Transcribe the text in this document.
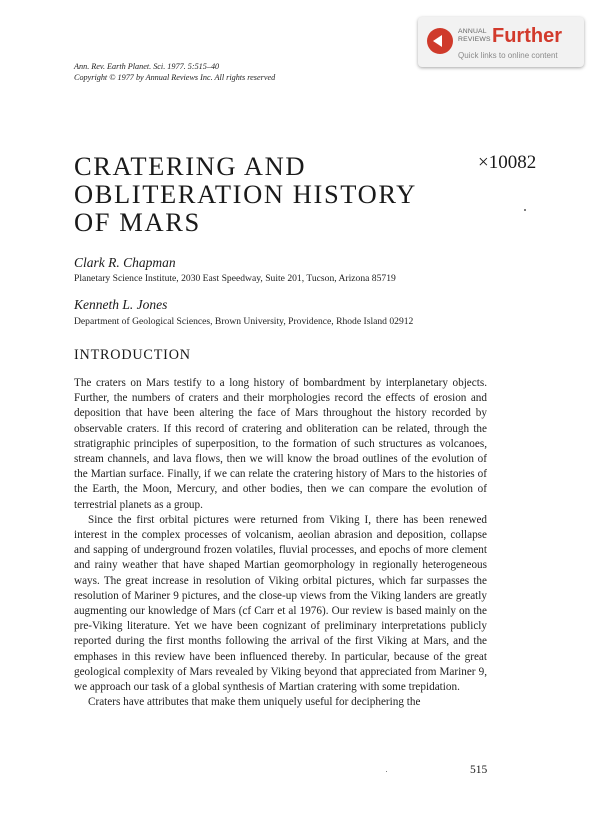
Ann. Rev. Earth Planet. Sci. 1977. 5:515–40
Copyright © 1977 by Annual Reviews Inc. All rights reserved
ANNUAL
REVIEWS Further
Quick links to online content
×10082
CRATERING AND
OBLITERATION HISTORY
OF MARS
Clark R. Chapman
Planetary Science Institute, 2030 East Speedway, Suite 201, Tucson, Arizona 85719
Kenneth L. Jones
Department of Geological Sciences, Brown University, Providence, Rhode Island 02912
INTRODUCTION

The craters on Mars testify to a long history of bombardment by interplanetary objects. Further, the numbers of craters and their morphologies record the effects of erosion and deposition that have been altering the face of Mars throughout the history recorded by observable craters. If this record of cratering and obliteration can be related, through the stratigraphic principles of superposition, to the formation of such structures as volcanoes, stream channels, and lava flows, then we will know the broad outlines of the evolution of the Martian surface. Finally, if we can relate the cratering history of Mars to the histories of the Earth, the Moon, Mercury, and other bodies, then we can compare the evolution of terrestrial planets as a group.

Since the first orbital pictures were returned from Viking I, there has been renewed interest in the complex processes of volcanism, aeolian abrasion and deposition, collapse and sapping of underground frozen volatiles, fluvial processes, and epochs of more clement and rainy weather that have shaped Martian geomorphology in regionally heterogeneous ways. The great increase in resolution of Viking orbital pictures, which far surpasses the resolution of Mariner 9 pictures, and the close-up views from the Viking landers are greatly augmenting our knowledge of Mars (cf Carr et al 1976). Our review is based mainly on the pre-Viking literature. Yet we have been cognizant of preliminary interpretations publicly reported during the first months following the arrival of the first Viking at Mars, and the emphases in this review have been influenced thereby. In particular, because of the great geological complexity of Mars revealed by Viking beyond that appreciated from Mariner 9, we approach our task of a global synthesis of Martian cratering with some trepidation.

Craters have attributes that make them uniquely useful for deciphering the

515
